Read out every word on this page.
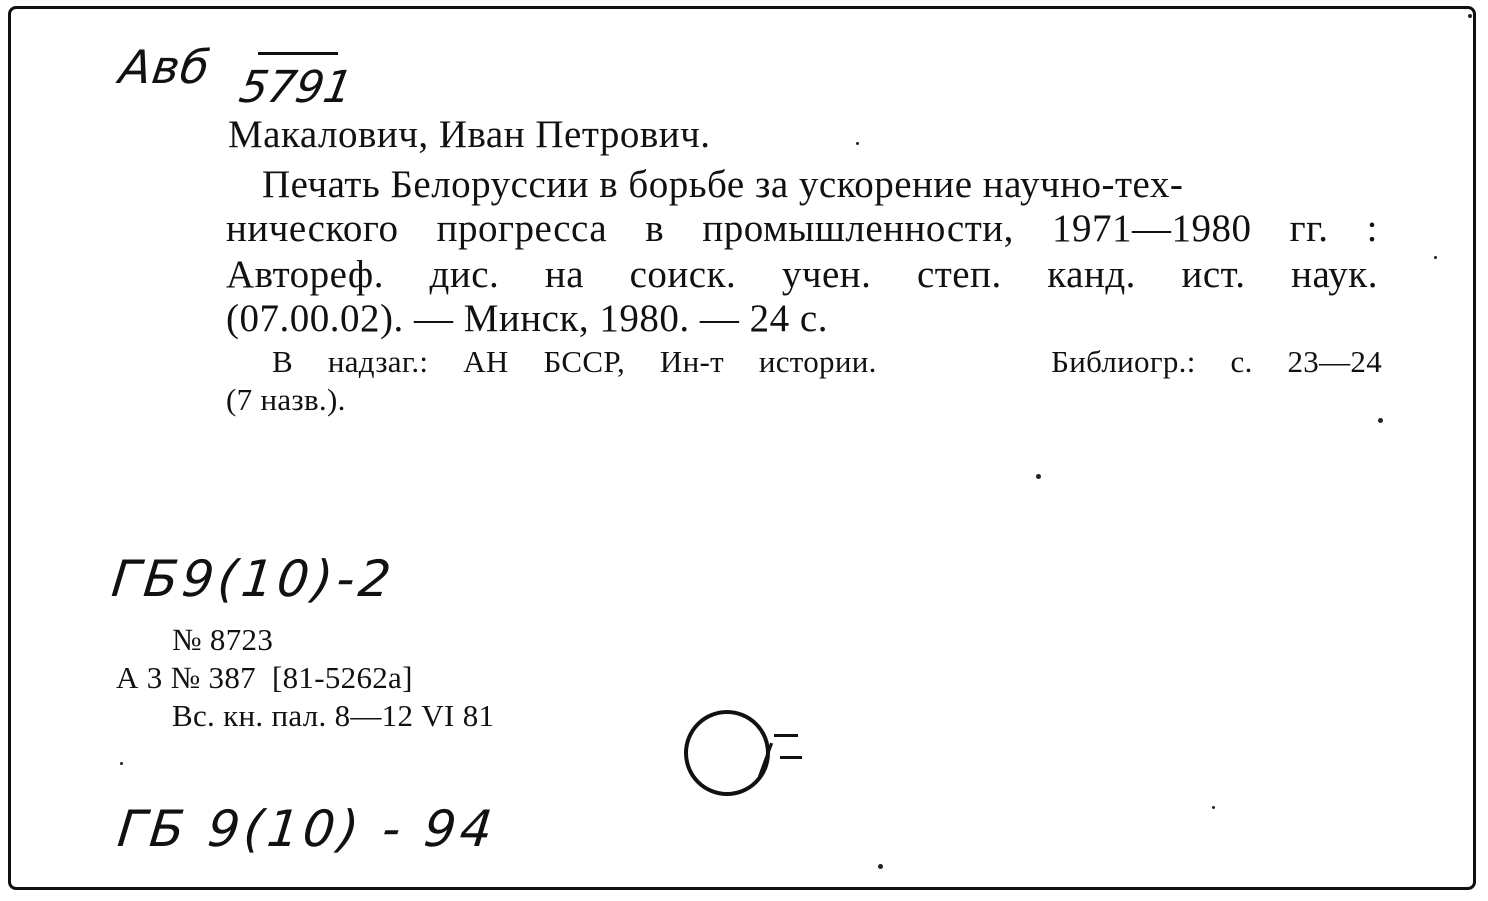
Авб 5791
Макалович, Иван Петрович.
Печать Белоруссии в борьбе за ускорение научно-тех-
нического прогресса в промышленности, 1971—1980 гг. :
Автореф. дис. на соиск. учен. степ. канд. ист. наук.
(07.00.02). — Минск, 1980. — 24 с.
В надзаг.: АН БССР, Ин-т истории.     Библиогр.: с. 23—24
(7 назв.).
ГБ9(10)-2
№ 8723
А 3 № 387  [81-5262а]
Вс. кн. пал. 8—12 VI 81
ГБ 9(10) - 94
